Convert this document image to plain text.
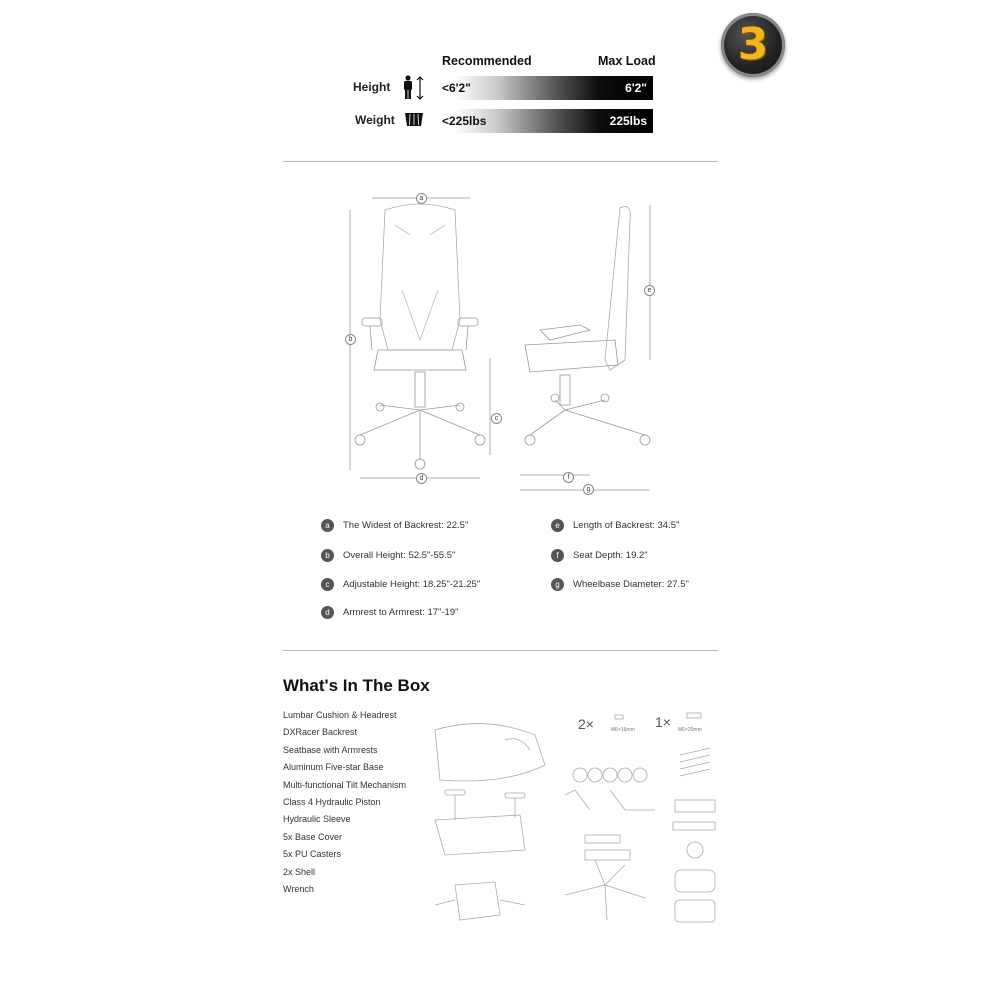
3
Recommended	Max Load
Height	<6'2"	6'2"
Weight	<225lbs	225lbs
a
b
c
d
e
f
g
a	The Widest of Backrest: 22.5"
b	Overall Height: 52.5"-55.5"
c	Adjustable Height: 18.25"-21.25"
d	Armrest to Armrest: 17"-19"
e	Length of Backrest: 34.5"
f	Seat Depth: 19.2"
g	Wheelbase Diameter: 27.5"
What's In The Box
Lumbar Cushion & Headrest
DXRacer Backrest
Seatbase with Armrests
Aluminum Five-star Base
Multi-functional Tilt Mechanism
Class 4 Hydraulic Piston
Hydraulic Sleeve
5x Base Cover
5x PU Casters
2x Shell
Wrench
2×	M6×16mm 1× M6×20mm
